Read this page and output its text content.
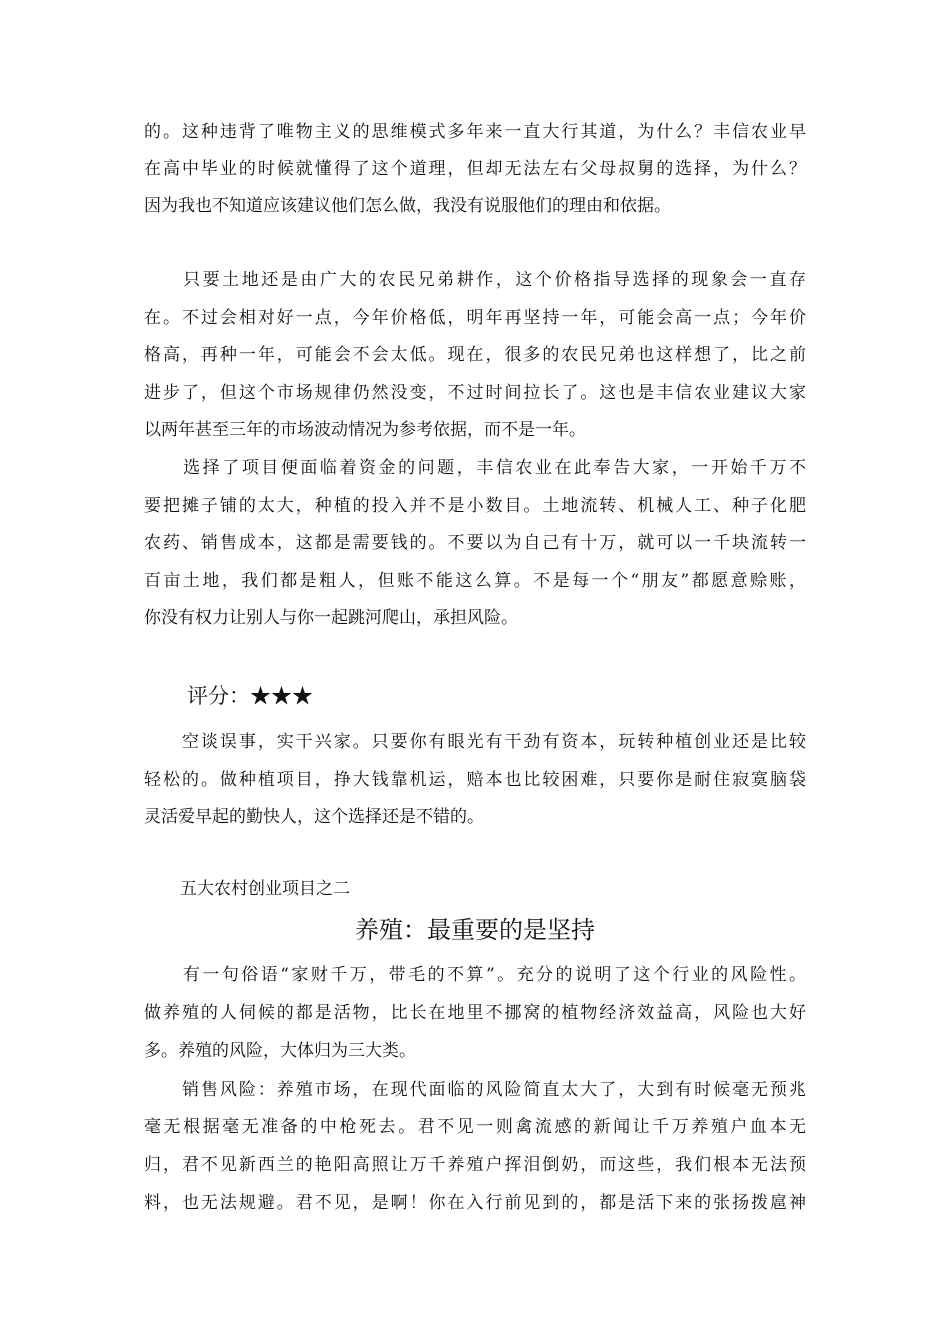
的。这种违背了唯物主义的思维模式多年来一直大行其道，为什么？丰信农业早
在高中毕业的时候就懂得了这个道理，但却无法左右父母叔舅的选择，为什么？
因为我也不知道应该建议他们怎么做，我没有说服他们的理由和依据。
　　只要土地还是由广大的农民兄弟耕作，这个价格指导选择的现象会一直存
在。不过会相对好一点，今年价格低，明年再坚持一年，可能会高一点；今年价
格高，再种一年，可能会不会太低。现在，很多的农民兄弟也这样想了，比之前
进步了，但这个市场规律仍然没变，不过时间拉长了。这也是丰信农业建议大家
以两年甚至三年的市场波动情况为参考依据，而不是一年。
　　选择了项目便面临着资金的问题，丰信农业在此奉告大家，一开始千万不
要把摊子铺的太大，种植的投入并不是小数目。土地流转、机械人工、种子化肥
农药、销售成本，这都是需要钱的。不要以为自己有十万，就可以一千块流转一
百亩土地，我们都是粗人，但账不能这么算。不是每一个“朋友”都愿意赊账，
你没有权力让别人与你一起跳河爬山，承担风险。
评分：★★★
　　空谈误事，实干兴家。只要你有眼光有干劲有资本，玩转种植创业还是比较
轻松的。做种植项目，挣大钱靠机运，赔本也比较困难，只要你是耐住寂寞脑袋
灵活爱早起的勤快人，这个选择还是不错的。
五大农村创业项目之二
养殖：最重要的是坚持
　　有一句俗语“家财千万，带毛的不算”。充分的说明了这个行业的风险性。
做养殖的人伺候的都是活物，比长在地里不挪窝的植物经济效益高，风险也大好
多。养殖的风险，大体归为三大类。
　　销售风险：养殖市场，在现代面临的风险简直太大了，大到有时候毫无预兆
毫无根据毫无准备的中枪死去。君不见一则禽流感的新闻让千万养殖户血本无
归，君不见新西兰的艳阳高照让万千养殖户挥泪倒奶，而这些，我们根本无法预
料，也无法规避。君不见，是啊！你在入行前见到的，都是活下来的张扬拨扈神
